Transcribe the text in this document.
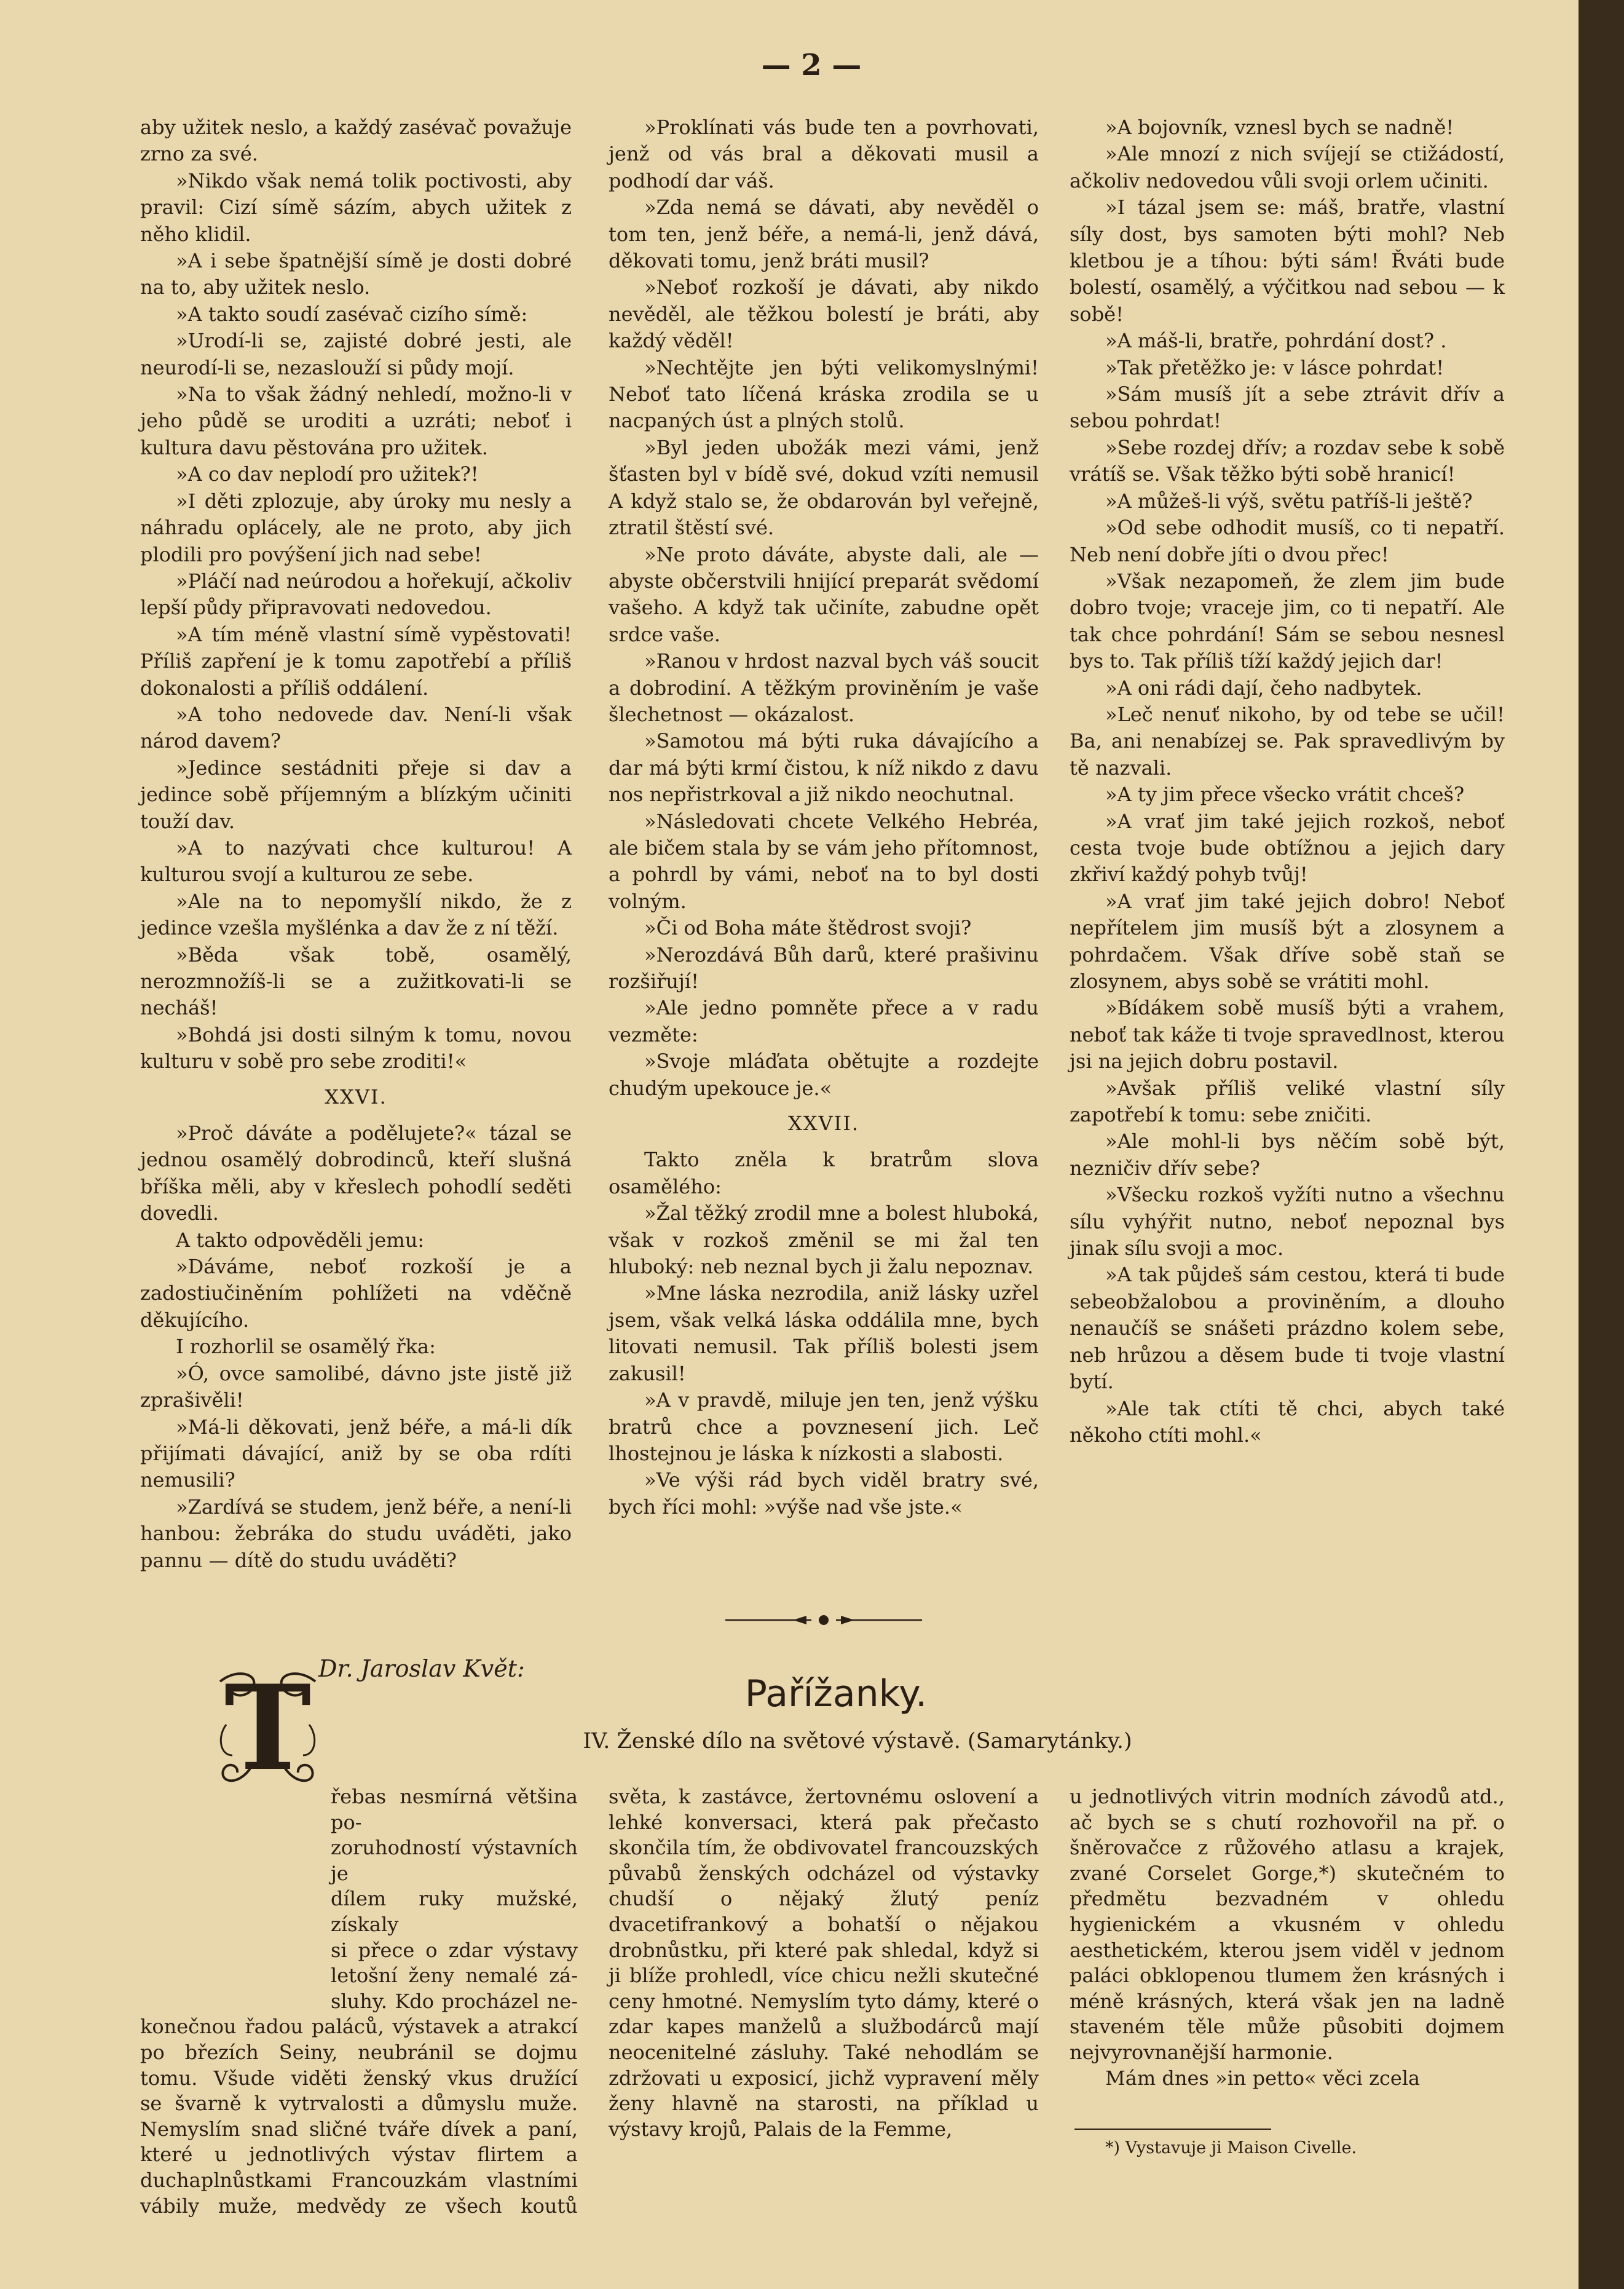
— 2 —

aby užitek neslo, a každý zasévač považuje zrno za své.

»Nikdo však nemá tolik poctivosti, aby pravil: Cizí símě sázím, abych užitek z něho klidil.

»A i sebe špatnější símě je dosti dobré na to, aby užitek neslo.

»A takto soudí zasévač cizího símě:

»Urodí-li se, zajisté dobré jesti, ale neurodí-li se, nezaslouží si půdy mojí.

»Na to však žádný nehledí, možno-li v jeho půdě se uroditi a uzráti; neboť i kultura davu pěstována pro užitek.

»A co dav neplodí pro užitek?!

»I děti zplozuje, aby úroky mu nesly a náhradu oplácely, ale ne proto, aby jich plodili pro povýšení jich nad sebe!

»Pláčí nad neúrodou a hořekují, ačkoliv lepší půdy připravovati nedovedou.

»A tím méně vlastní símě vypěstovati! Příliš zapření je k tomu zapotřebí a příliš dokonalosti a příliš oddálení.

»A toho nedovede dav. Není-li však národ davem?

»Jedince sestádniti přeje si dav a jedince sobě příjemným a blízkým učiniti touží dav.

»A to nazývati chce kulturou! A kulturou svojí a kulturou ze sebe.

»Ale na to nepomyšlí nikdo, že z jedince vzešla myšlénka a dav že z ní těží.

»Běda však tobě, osamělý, nerozmnožíš-li se a zužitkovati-li se necháš!

»Bohdá jsi dosti silným k tomu, novou kulturu v sobě pro sebe zroditi!«

XXVI.

»Proč dáváte a podělujete?« tázal se jednou osamělý dobrodinců, kteří slušná bříška měli, aby v křeslech pohodlí seděti dovedli.

A takto odpověděli jemu:

»Dáváme, neboť rozkoší je a zadostiučiněním pohlížeti na vděčně děkujícího.

I rozhorlil se osamělý řka:

»Ó, ovce samolibé, dávno jste jistě již zprašivěli!

»Má-li děkovati, jenž béře, a má-li dík přijímati dávající, aniž by se oba rdíti nemusili?

»Zardívá se studem, jenž béře, a není-li hanbou: žebráka do studu uváděti, jako pannu — dítě do studu uváděti?

»Proklínati vás bude ten a povrhovati, jenž od vás bral a děkovati musil a podhodí dar váš.

»Zda nemá se dávati, aby nevěděl o tom ten, jenž béře, a nemá-li, jenž dává, děkovati tomu, jenž bráti musil?

»Neboť rozkoší je dávati, aby nikdo nevěděl, ale těžkou bolestí je bráti, aby každý věděl!

»Nechtějte jen býti velikomyslnými! Neboť tato líčená kráska zrodila se u nacpaných úst a plných stolů.

»Byl jeden ubožák mezi vámi, jenž šťasten byl v bídě své, dokud vzíti nemusil A když stalo se, že obdarován byl veřejně, ztratil štěstí své.

»Ne proto dáváte, abyste dali, ale — abyste občerstvili hnijící preparát svědomí vašeho. A když tak učiníte, zabudne opět srdce vaše.

»Ranou v hrdost nazval bych váš soucit a dobrodiní. A těžkým proviněním je vaše šlechetnost — okázalost.

»Samotou má býti ruka dávajícího a dar má býti krmí čistou, k níž nikdo z davu nos nepřistrkoval a již nikdo neochutnal.

»Následovati chcete Velkého Hebréa, ale bičem stala by se vám jeho přítomnost, a pohrdl by vámi, neboť na to byl dosti volným.

»Či od Boha máte štědrost svoji?

»Nerozdává Bůh darů, které prašivinu rozšiřují!

»Ale jedno pomněte přece a v radu vezměte:

»Svoje mláďata obětujte a rozdejte chudým upekouce je.«

XXVII.

Takto zněla k bratrům slova osamělého:

»Žal těžký zrodil mne a bolest hluboká, však v rozkoš změnil se mi žal ten hluboký: neb neznal bych ji žalu nepoznav.

»Mne láska nezrodila, aniž lásky uzřel jsem, však velká láska oddálila mne, bych litovati nemusil. Tak příliš bolesti jsem zakusil!

»A v pravdě, miluje jen ten, jenž výšku bratrů chce a povznesení jich. Leč lhostejnou je láska k nízkosti a slabosti.

»Ve výši rád bych viděl bratry své, bych říci mohl: »výše nad vše jste.«

»A bojovník, vznesl bych se nadně!

»Ale mnozí z nich svíjejí se ctižádostí, ačkoliv nedovedou vůli svoji orlem učiniti.

»I tázal jsem se: máš, bratře, vlastní síly dost, bys samoten býti mohl? Neb kletbou je a tíhou: býti sám! Řváti bude bolestí, osamělý, a výčitkou nad sebou — k sobě!

»A máš-li, bratře, pohrdání dost? .

»Tak přetěžko je: v lásce pohrdat!

»Sám musíš jít a sebe ztrávit dřív a sebou pohrdat!

»Sebe rozdej dřív; a rozdav sebe k sobě vrátíš se. Však těžko býti sobě hranicí!

»A můžeš-li výš, světu patříš-li ještě?

»Od sebe odhodit musíš, co ti nepatří. Neb není dobře jíti o dvou přec!

»Však nezapomeň, že zlem jim bude dobro tvoje; vraceje jim, co ti nepatří. Ale tak chce pohrdání! Sám se sebou nesnesl bys to. Tak příliš tíží každý jejich dar!

»A oni rádi dají, čeho nadbytek.

»Leč nenuť nikoho, by od tebe se učil! Ba, ani nenabízej se. Pak spravedlivým by tě nazvali.

»A ty jim přece všecko vrátit chceš?

»A vrať jim také jejich rozkoš, neboť cesta tvoje bude obtížnou a jejich dary zkřiví každý pohyb tvůj!

»A vrať jim také jejich dobro! Neboť nepřítelem jim musíš být a zlosynem a pohrdačem. Však dříve sobě staň se zlosynem, abys sobě se vrátiti mohl.

»Bídákem sobě musíš býti a vrahem, neboť tak káže ti tvoje spravedlnost, kterou jsi na jejich dobru postavil.

»Avšak příliš veliké vlastní síly zapotřebí k tomu: sebe zničiti.

»Ale mohl-li bys něčím sobě být, nezničiv dřív sebe?

»Všecku rozkoš vyžíti nutno a všechnu sílu vyhýřit nutno, neboť nepoznal bys jinak sílu svoji a moc.

»A tak půjdeš sám cestou, která ti bude sebeobžalobou a proviněním, a dlouho nenaučíš se snášeti prázdno kolem sebe, neb hrůzou a děsem bude ti tvoje vlastní bytí.

»Ale tak ctíti tě chci, abych také někoho ctíti mohl.«

Dr. Jaroslav Květ:
Pařížanky.
IV. Ženské dílo na světové výstavě. (Samarytánky.)
T
řebas nesmírná většina po-
zoruhodností výstavních je
dílem ruky mužské, získaly
si přece o zdar výstavy
letošní ženy nemalé zá-
sluhy. Kdo procházel ne-
konečnou řadou paláců, výstavek a atrakcí
po březích Seiny, neubránil se dojmu
tomu. Všude viděti ženský vkus družící
se švarně k vytrvalosti a důmyslu muže.
Nemyslím snad sličné tváře dívek a paní,
které u jednotlivých výstav flirtem a
duchaplnůstkami Francouzkám vlastními
vábily muže, medvědy ze všech koutů

světa, k zastávce, žertovnému oslovení a lehké konversaci, která pak přečasto skončila tím, že obdivovatel francouzských půvabů ženských odcházel od výstavky chudší o nějaký žlutý peníz dvacetifrankový a bohatší o nějakou drobnůstku, při které pak shledal, když si ji blíže prohledl, více chicu nežli skutečné ceny hmotné. Nemyslím tyto dámy, které o zdar kapes manželů a službodárců mají neocenitelné zásluhy. Také nehodlám se zdržovati u exposicí, jichž vypravení měly ženy hlavně na starosti, na příklad u výstavy krojů, Palais de la Femme,

u jednotlivých vitrin modních závodů atd., ač bych se s chutí rozhovořil na př. o šněrovačce z růžového atlasu a krajek, zvané Corselet Gorge,*) skutečném to předmětu bezvadném v ohledu hygienickém a vkusném v ohledu aesthetickém, kterou jsem viděl v jednom paláci obklopenou tlumem žen krásných i méně krásných, která však jen na ladně staveném těle může působiti dojmem nejvyrovnanější harmonie.

Mám dnes »in petto« věci zcela

*) Vystavuje ji Maison Civelle.
